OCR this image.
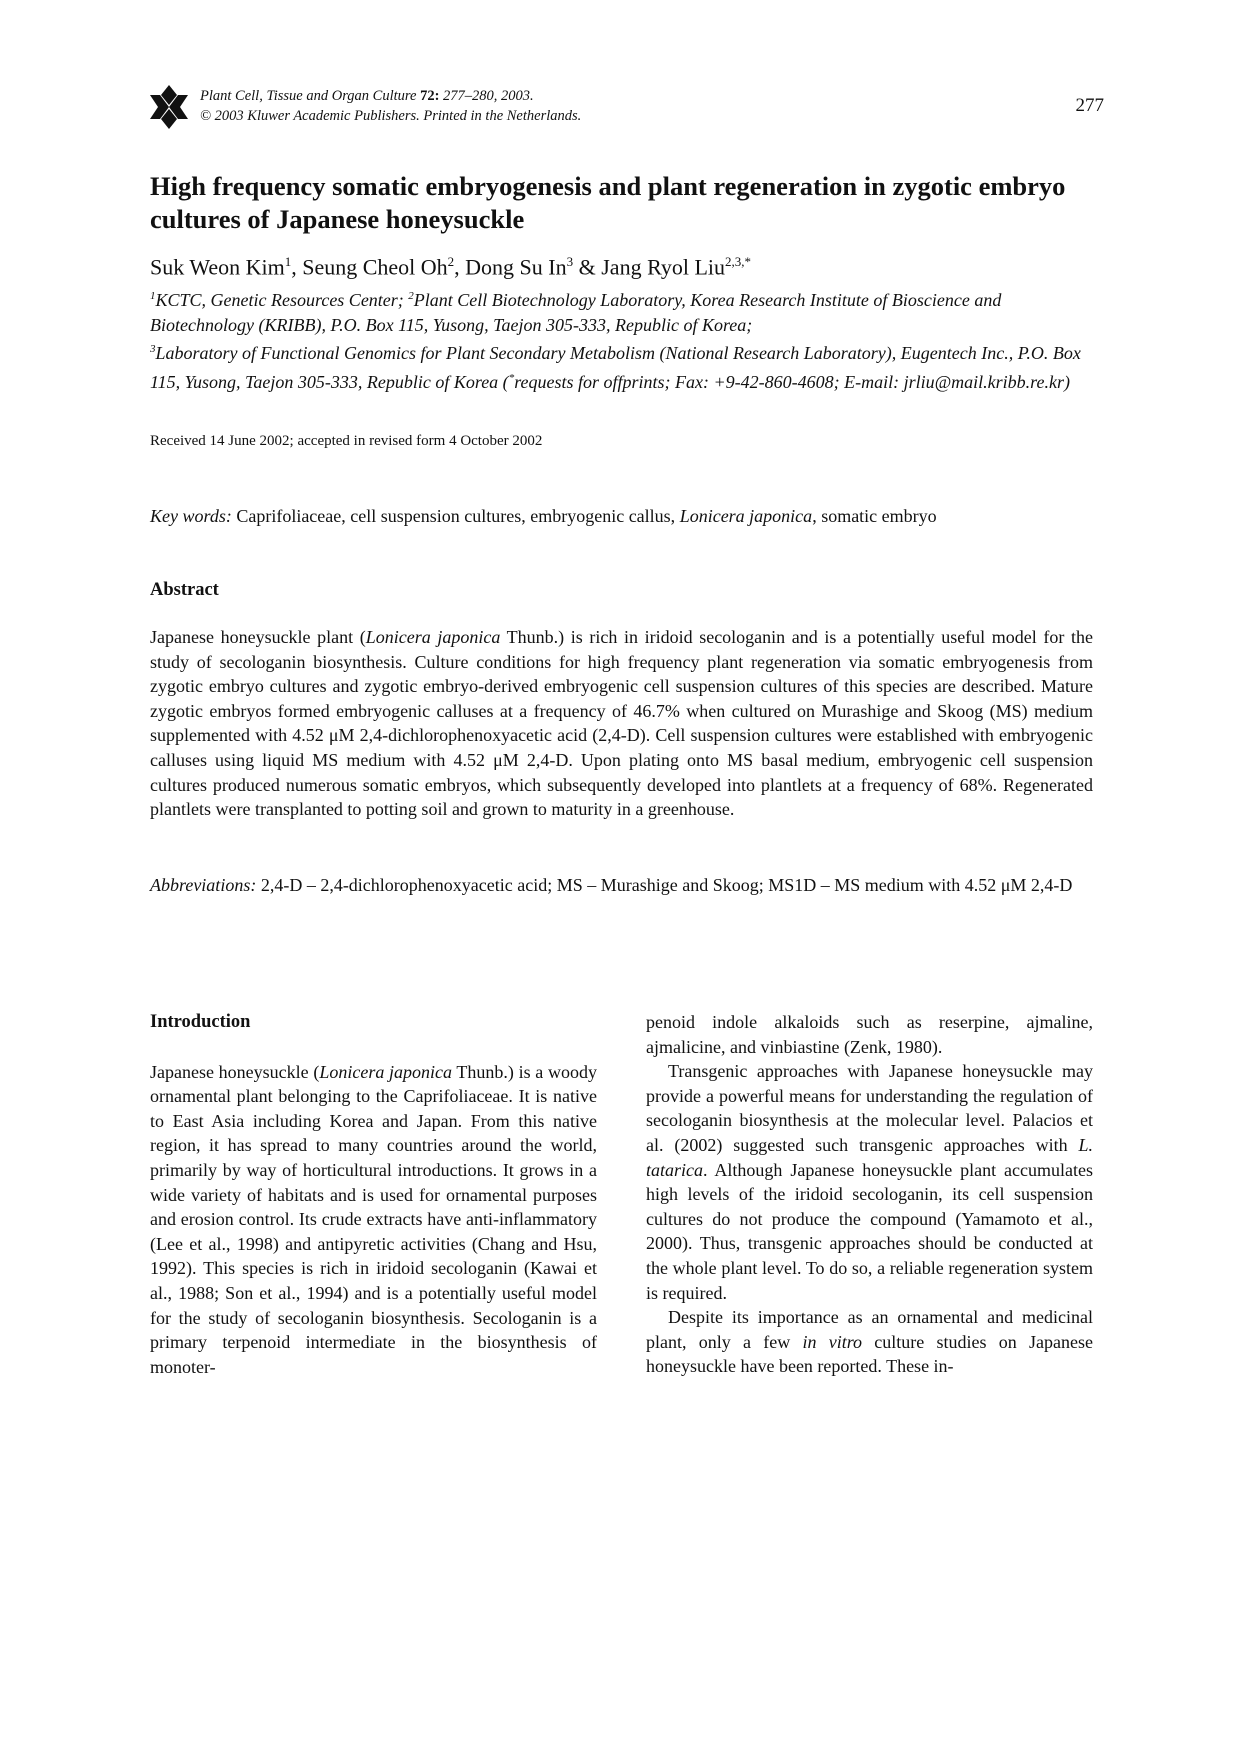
Plant Cell, Tissue and Organ Culture 72: 277–280, 2003.
© 2003 Kluwer Academic Publishers. Printed in the Netherlands.	277
High frequency somatic embryogenesis and plant regeneration in zygotic embryo cultures of Japanese honeysuckle
Suk Weon Kim$^1$, Seung Cheol Oh$^2$, Dong Su In$^3$ & Jang Ryol Liu$^{2,3,*}$
$^1$KCTC, Genetic Resources Center; $^2$Plant Cell Biotechnology Laboratory, Korea Research Institute of Bioscience and Biotechnology (KRIBB), P.O. Box 115, Yusong, Taejon 305-333, Republic of Korea;
$^3$Laboratory of Functional Genomics for Plant Secondary Metabolism (National Research Laboratory), Eugentech Inc., P.O. Box 115, Yusong, Taejon 305-333, Republic of Korea (*requests for offprints; Fax: +9-42-860-4608; E-mail: jrliu@mail.kribb.re.kr)
Received 14 June 2002; accepted in revised form 4 October 2002
Key words: Caprifoliaceae, cell suspension cultures, embryogenic callus, Lonicera japonica, somatic embryo
Abstract
Japanese honeysuckle plant (Lonicera japonica Thunb.) is rich in iridoid secologanin and is a potentially useful model for the study of secologanin biosynthesis. Culture conditions for high frequency plant regeneration via somatic embryogenesis from zygotic embryo cultures and zygotic embryo-derived embryogenic cell suspension cultures of this species are described. Mature zygotic embryos formed embryogenic calluses at a frequency of 46.7% when cultured on Murashige and Skoog (MS) medium supplemented with 4.52 μM 2,4-dichlorophenoxyacetic acid (2,4-D). Cell suspension cultures were established with embryogenic calluses using liquid MS medium with 4.52 μM 2,4-D. Upon plating onto MS basal medium, embryogenic cell suspension cultures produced numerous somatic embryos, which subsequently developed into plantlets at a frequency of 68%. Regenerated plantlets were transplanted to potting soil and grown to maturity in a greenhouse.
Abbreviations: 2,4-D – 2,4-dichlorophenoxyacetic acid; MS – Murashige and Skoog; MS1D – MS medium with 4.52 μM 2,4-D
Introduction

Japanese honeysuckle (Lonicera japonica Thunb.) is a woody ornamental plant belonging to the Caprifoliaceae. It is native to East Asia including Korea and Japan. From this native region, it has spread to many countries around the world, primarily by way of horticultural introductions. It grows in a wide variety of habitats and is used for ornamental purposes and erosion control. Its crude extracts have anti-inflammatory (Lee et al., 1998) and antipyretic activities (Chang and Hsu, 1992). This species is rich in iridoid secologanin (Kawai et al., 1988; Son et al., 1994) and is a potentially useful model for the study of secologanin biosynthesis. Secologanin is a primary terpenoid intermediate in the biosynthesis of monoter-

penoid indole alkaloids such as reserpine, ajmaline, ajmalicine, and vinbiastine (Zenk, 1980).

Transgenic approaches with Japanese honeysuckle may provide a powerful means for understanding the regulation of secologanin biosynthesis at the molecular level. Palacios et al. (2002) suggested such transgenic approaches with L. tatarica. Although Japanese honeysuckle plant accumulates high levels of the iridoid secologanin, its cell suspension cultures do not produce the compound (Yamamoto et al., 2000). Thus, transgenic approaches should be conducted at the whole plant level. To do so, a reliable regeneration system is required.

Despite its importance as an ornamental and medicinal plant, only a few in vitro culture studies on Japanese honeysuckle have been reported. These in-
